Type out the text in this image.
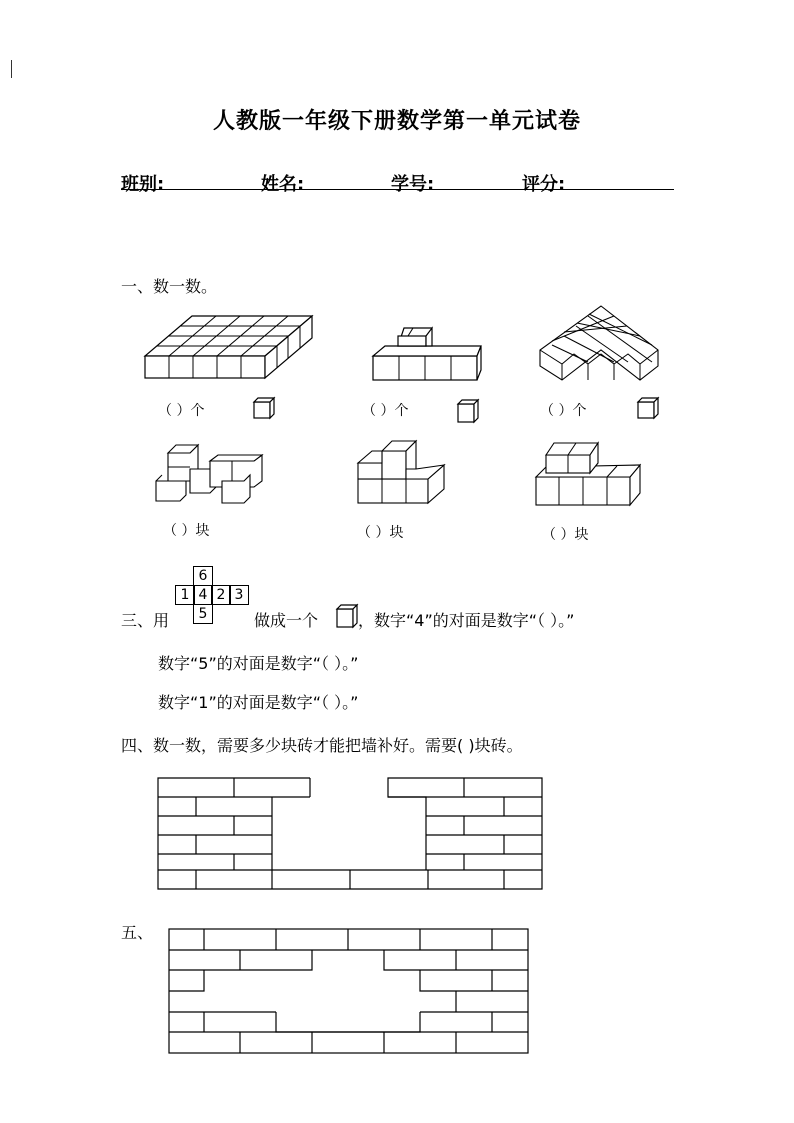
人教版一年级下册数学第一单元试卷
班别:	姓名:	学号:	评分:
一、数一数。
（ ）个	（ ）个	（ ）个
（ ）块	（ ）块	（ ）块
三、用
6
1 4 2 3
5	做成一个 ，数字“4”的对面是数字“（ ）。”
数字“5”的对面是数字“（ ）。”
数字“1”的对面是数字“（ ）。”
四、数一数，需要多少块砖才能把墙补好。需要( )块砖。
五、
